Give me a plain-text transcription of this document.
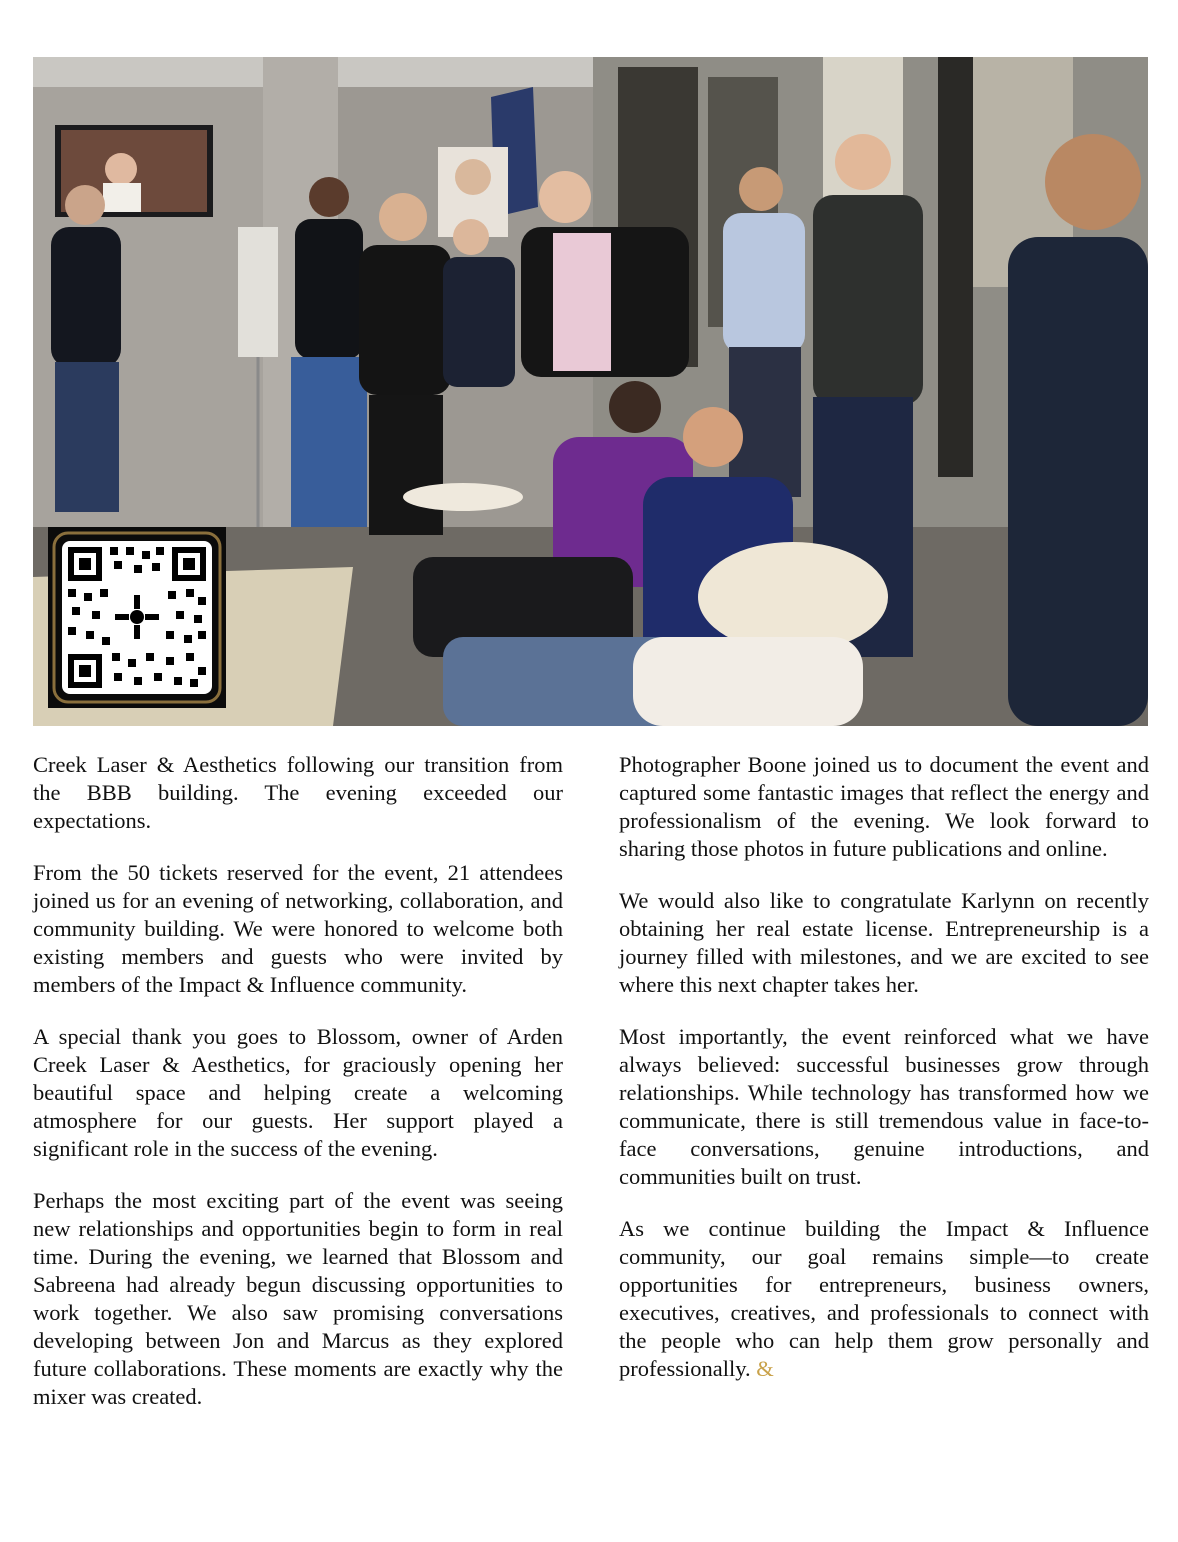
Creek Laser & Aesthetics following our transition from the BBB building. The evening exceeded our expectations.

From the 50 tickets reserved for the event, 21 attendees joined us for an evening of networking, collaboration, and community building. We were honored to welcome both existing members and guests who were invited by members of the Impact & Influence community.

A special thank you goes to Blossom, owner of Arden Creek Laser & Aesthetics, for graciously opening her beautiful space and helping create a welcoming atmosphere for our guests. Her support played a significant role in the success of the evening.

Perhaps the most exciting part of the event was seeing new relationships and opportunities begin to form in real time. During the evening, we learned that Blossom and Sabreena had already begun discussing opportunities to work together. We also saw promising conversations developing between Jon and Marcus as they explored future collaborations. These moments are exactly why the mixer was created.

Photographer Boone joined us to document the event and captured some fantastic images that reflect the energy and professionalism of the evening. We look forward to sharing those photos in future publications and online.

We would also like to congratulate Karlynn on recently obtaining her real estate license. Entrepreneurship is a journey filled with milestones, and we are excited to see where this next chapter takes her.

Most importantly, the event reinforced what we have always believed: successful businesses grow through relationships. While technology has transformed how we communicate, there is still tremendous value in face-to-face conversations, genuine introductions, and communities built on trust.

As we continue building the Impact & Influence community, our goal remains simple—to create opportunities for entrepreneurs, business owners, executives, creatives, and professionals to connect with the people who can help them grow personally and professionally. &
